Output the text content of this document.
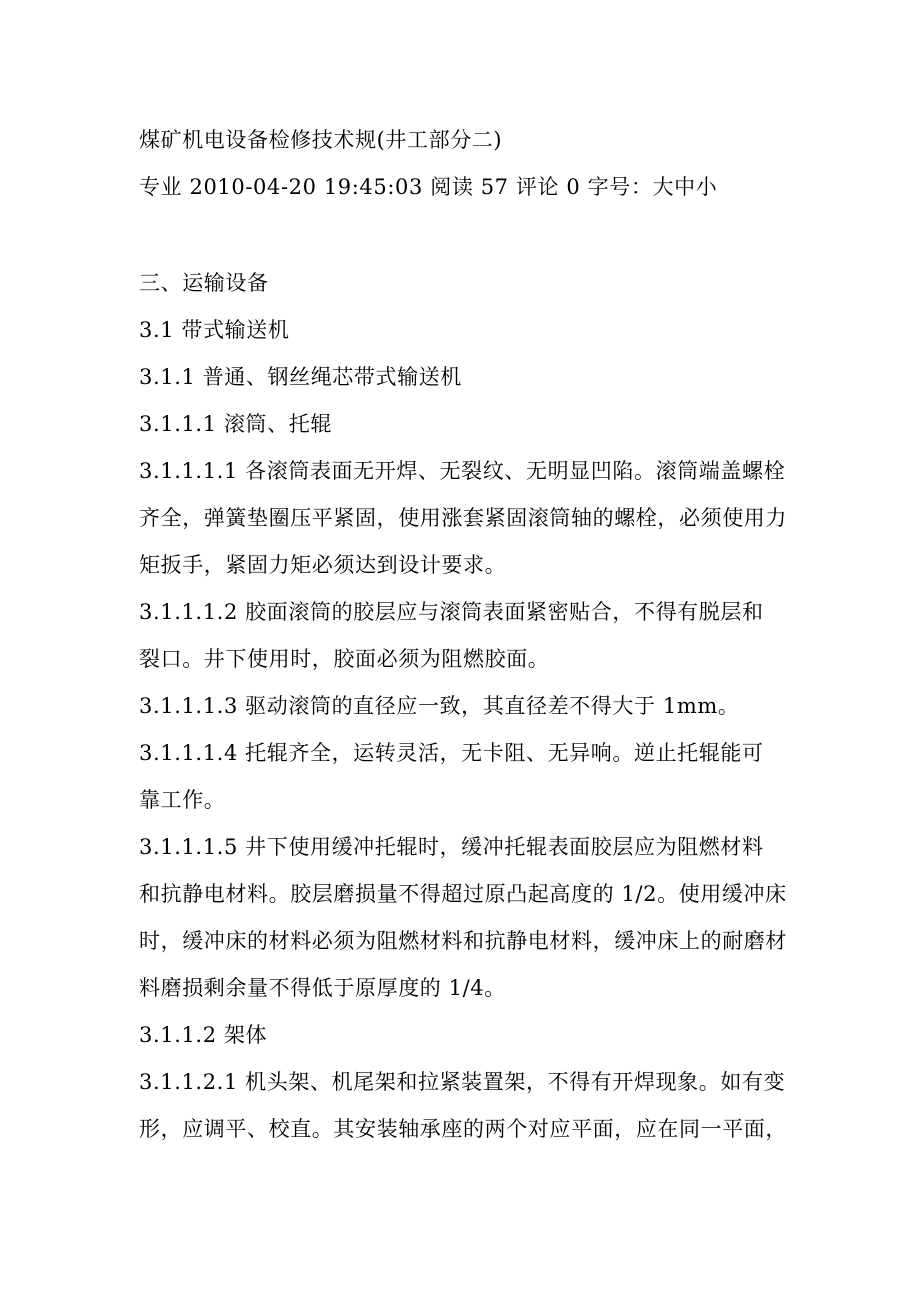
煤矿机电设备检修技术规(井工部分二)
专业 2010-04-20 19:45:03 阅读 57 评论 0 字号：大中小
三、运输设备
3.1 带式输送机
3.1.1 普通、钢丝绳芯带式输送机
3.1.1.1 滚筒、托辊
3.1.1.1.1 各滚筒表面无开焊、无裂纹、无明显凹陷。滚筒端盖螺栓
齐全，弹簧垫圈压平紧固，使用涨套紧固滚筒轴的螺栓，必须使用力
矩扳手，紧固力矩必须达到设计要求。
3.1.1.1.2 胶面滚筒的胶层应与滚筒表面紧密贴合，不得有脱层和
裂口。井下使用时，胶面必须为阻燃胶面。
3.1.1.1.3 驱动滚筒的直径应一致，其直径差不得大于 1mm。
3.1.1.1.4 托辊齐全，运转灵活，无卡阻、无异响。逆止托辊能可
靠工作。
3.1.1.1.5 井下使用缓冲托辊时，缓冲托辊表面胶层应为阻燃材料
和抗静电材料。胶层磨损量不得超过原凸起高度的 1/2。使用缓冲床
时，缓冲床的材料必须为阻燃材料和抗静电材料，缓冲床上的耐磨材
料磨损剩余量不得低于原厚度的 1/4。
3.1.1.2 架体
3.1.1.2.1 机头架、机尾架和拉紧装置架，不得有开焊现象。如有变
形，应调平、校直。其安装轴承座的两个对应平面，应在同一平面，
